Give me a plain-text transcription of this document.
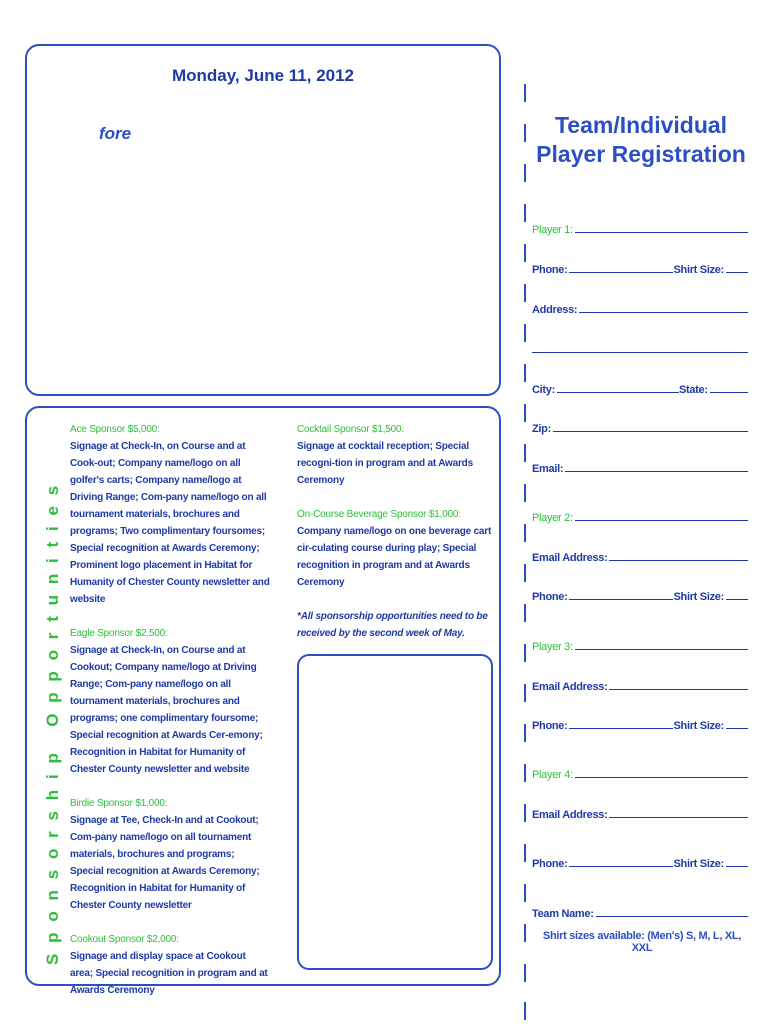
Monday, June 11, 2012
fore
Sponsorship Opportunities
Ace Sponsor $5,000:
Signage at Check-In, on Course and at Cook-out; Company name/logo on all golfer's carts; Company name/logo at Driving Range; Com-pany name/logo on all tournament materials, brochures and programs; Two complimentary foursomes; Special recognition at Awards Ceremony; Prominent logo placement in Habitat for Humanity of Chester County newsletter and website
Eagle Sponsor $2,500:
Signage at Check-In, on Course and at Cookout; Company name/logo at Driving Range; Com-pany name/logo on all tournament materials, brochures and programs; one complimentary foursome; Special recognition at Awards Cer-emony; Recognition in Habitat for Humanity of Chester County newsletter and website
Birdie Sponsor $1,000:
Signage at Tee, Check-In and at Cookout; Com-pany name/logo on all tournament materials, brochures and programs; Special recognition at Awards Ceremony; Recognition in Habitat for Humanity of Chester County newsletter
Cookout Sponsor $2,000:
Signage and display space at Cookout area; Special recognition in program and at Awards Ceremony
Cocktail Sponsor $1,500:
Signage at cocktail reception; Special recogni-tion in program and at Awards Ceremony
On-Course Beverage Sponsor $1,000:
Company name/logo on one beverage cart cir-culating course during play; Special recognition in program and at Awards Ceremony
*All sponsorship opportunities need to be received by the second week of May.
Team/Individual
Player Registration
Player 1:
Phone:	Shirt Size:
Address:
City:	State:
Zip:
Email:
Player 2:
Email Address:
Phone:	Shirt Size:
Player 3:
Email Address:
Phone:	Shirt Size:
Player 4:
Email Address:
Phone:	Shirt Size:
Team Name:
Shirt sizes available: (Men's) S, M, L, XL, XXL
